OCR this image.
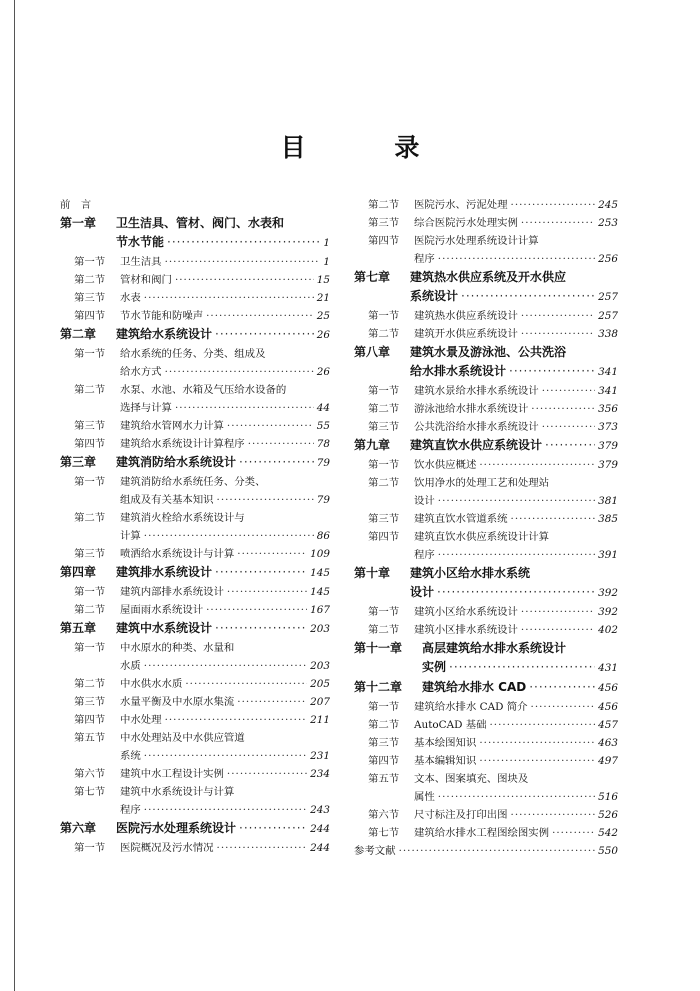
目 录
前　言
第一章 卫生洁具、管材、阀门、水表和
节水节能 ·····	1
第一节 卫生洁具 ·····	1
第二节 管材和阀门 ·····	15
第三节 水表 ·····	21
第四节 节水节能和防噪声 ·····	25
第二章 建筑给水系统设计 ·····	26
第一节 给水系统的任务、分类、组成及
给水方式 ·····	26
第二节 水泵、水池、水箱及气压给水设备的
选择与计算 ·····	44
第三节 建筑给水管网水力计算 ·····	55
第四节 建筑给水系统设计计算程序 ·····	78
第三章 建筑消防给水系统设计 ·····	79
第一节 建筑消防给水系统任务、分类、
组成及有关基本知识 ·····	79
第二节 建筑消火栓给水系统设计与
计算 ·····	86
第三节 喷洒给水系统设计与计算 ·····	109
第四章 建筑排水系统设计 ·····	145
第一节 建筑内部排水系统设计 ·····	145
第二节 屋面雨水系统设计 ·····	167
第五章 建筑中水系统设计 ·····	203
第一节 中水原水的种类、水量和
水质 ·····	203
第二节 中水供水水质 ·····	205
第三节 水量平衡及中水原水集流 ·····	207
第四节 中水处理 ·····	211
第五节 中水处理站及中水供应管道
系统 ·····	231
第六节 建筑中水工程设计实例 ·····	234
第七节 建筑中水系统设计与计算
程序 ·····	243
第六章 医院污水处理系统设计 ·····	244
第一节 医院概况及污水情况 ·····	244
第二节 医院污水、污泥处理 ·····	245
第三节 综合医院污水处理实例 ·····	253
第四节 医院污水处理系统设计计算
程序 ·····	256
第七章 建筑热水供应系统及开水供应
系统设计 ·····	257
第一节 建筑热水供应系统设计 ·····	257
第二节 建筑开水供应系统设计 ·····	338
第八章 建筑水景及游泳池、公共洗浴
给水排水系统设计 ·····	341
第一节 建筑水景给水排水系统设计 ·····	341
第二节 游泳池给水排水系统设计 ·····	356
第三节 公共洗浴给水排水系统设计 ·····	373
第九章 建筑直饮水供应系统设计 ·····	379
第一节 饮水供应概述 ·····	379
第二节 饮用净水的处理工艺和处理站
设计 ·····	381
第三节 建筑直饮水管道系统 ·····	385
第四节 建筑直饮水供应系统设计计算
程序 ·····	391
第十章 建筑小区给水排水系统
设计 ·····	392
第一节 建筑小区给水系统设计 ·····	392
第二节 建筑小区排水系统设计 ·····	402
第十一章 高层建筑给水排水系统设计
实例 ·····	431
第十二章 建筑给水排水 CAD ·····	456
第一节 建筑给水排水 CAD 简介 ·····	456
第二节 AutoCAD 基础 ·····	457
第三节 基本绘图知识 ·····	463
第四节 基本编辑知识 ·····	497
第五节 文本、图案填充、图块及
属性 ·····	516
第六节 尺寸标注及打印出图 ·····	526
第七节 建筑给水排水工程图绘图实例 ·····	542
参考文献 ·····	550
